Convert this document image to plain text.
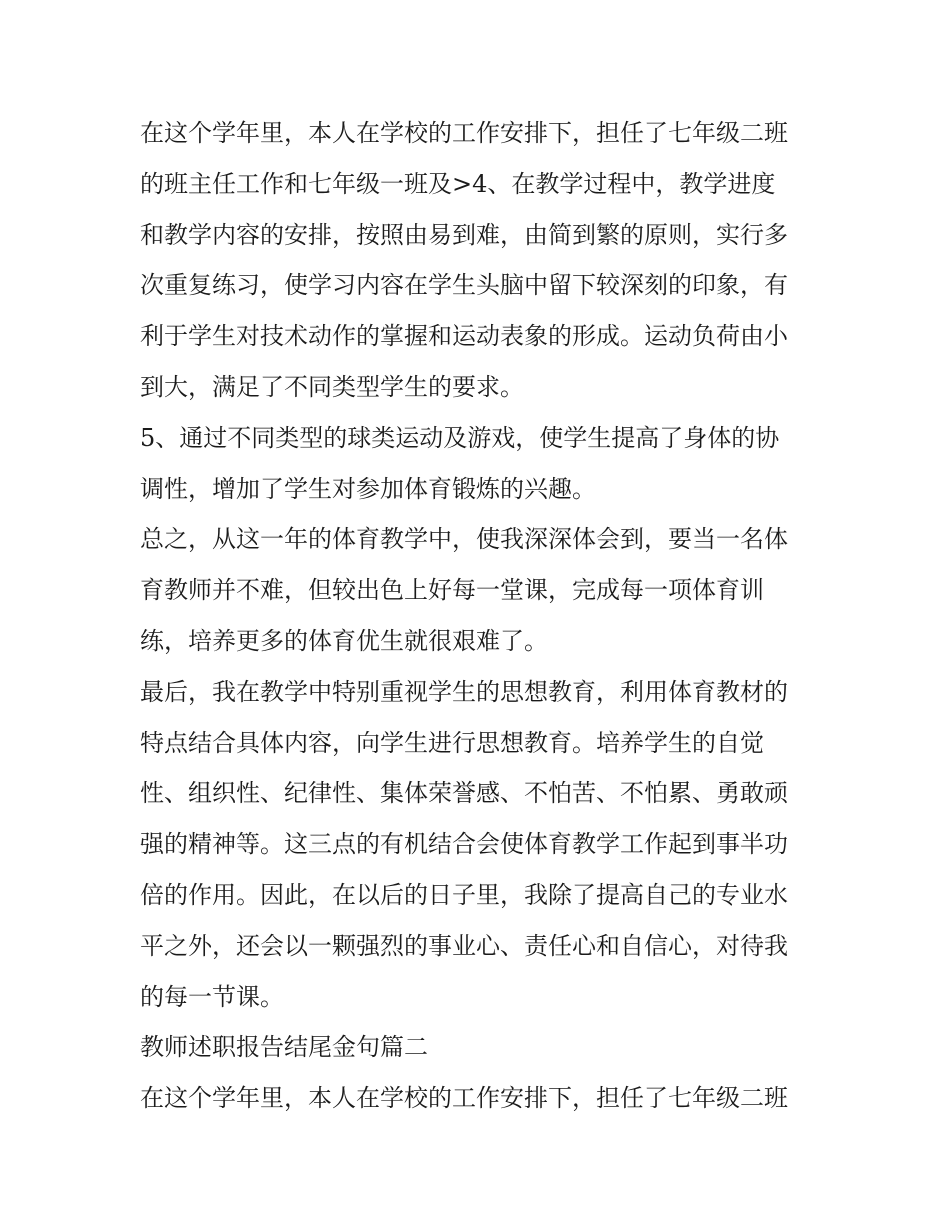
在这个学年里，本人在学校的工作安排下，担任了七年级二班
的班主任工作和七年级一班及>4、在教学过程中，教学进度
和教学内容的安排，按照由易到难，由简到繁的原则，实行多
次重复练习，使学习内容在学生头脑中留下较深刻的印象，有
利于学生对技术动作的掌握和运动表象的形成。运动负荷由小
到大，满足了不同类型学生的要求。
5、通过不同类型的球类运动及游戏，使学生提高了身体的协
调性，增加了学生对参加体育锻炼的兴趣。
总之，从这一年的体育教学中，使我深深体会到，要当一名体
育教师并不难，但较出色上好每一堂课，完成每一项体育训
练，培养更多的体育优生就很艰难了。
最后，我在教学中特别重视学生的思想教育，利用体育教材的
特点结合具体内容，向学生进行思想教育。培养学生的自觉
性、组织性、纪律性、集体荣誉感、不怕苦、不怕累、勇敢顽
强的精神等。这三点的有机结合会使体育教学工作起到事半功
倍的作用。因此，在以后的日子里，我除了提高自己的专业水
平之外，还会以一颗强烈的事业心、责任心和自信心，对待我
的每一节课。
教师述职报告结尾金句篇二
在这个学年里，本人在学校的工作安排下，担任了七年级二班
